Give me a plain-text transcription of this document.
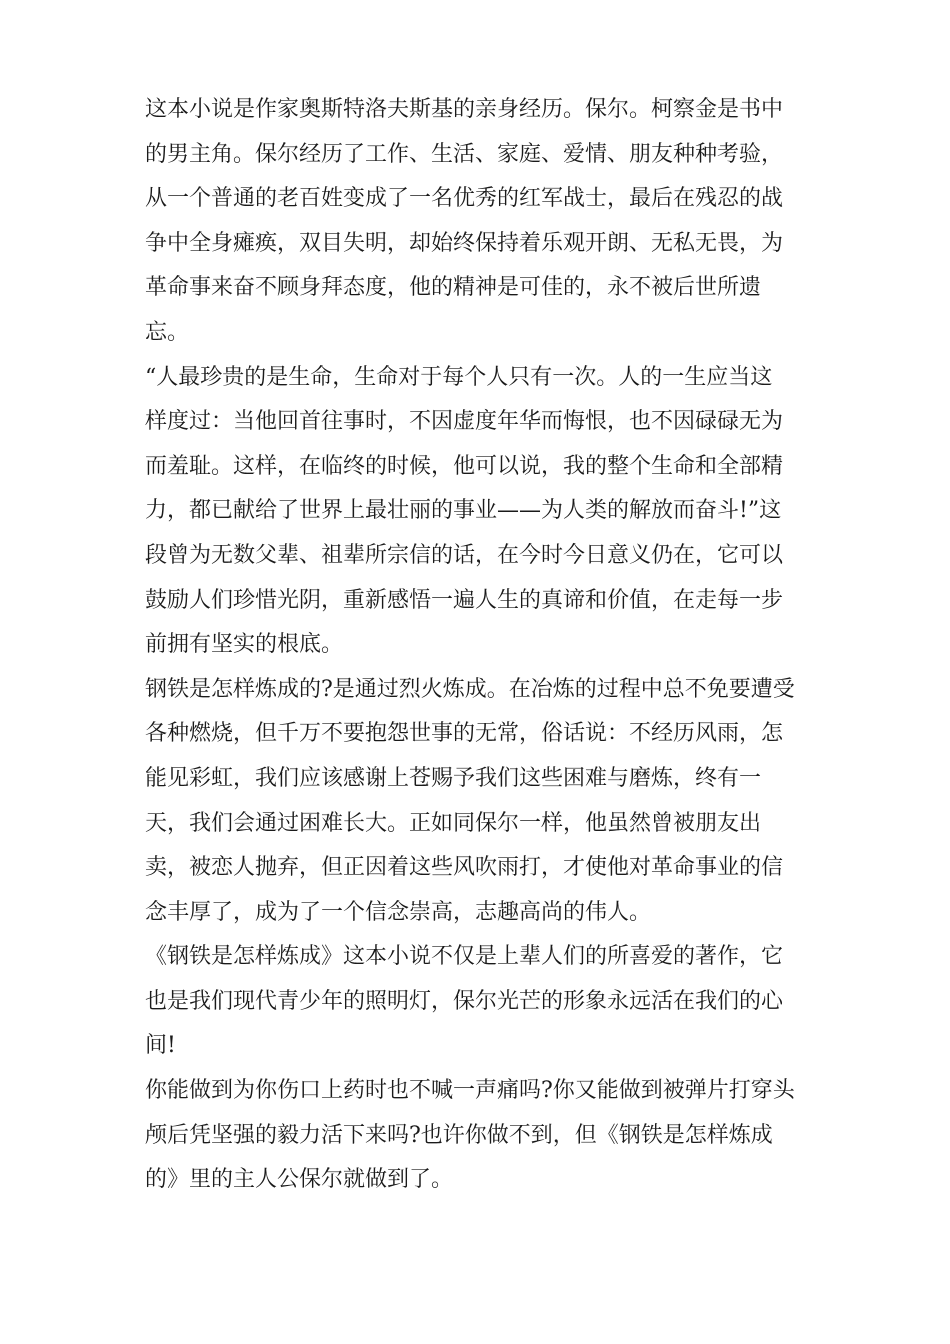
这本小说是作家奥斯特洛夫斯基的亲身经历。保尔。柯察金是书中
的男主角。保尔经历了工作、生活、家庭、爱情、朋友种种考验，
从一个普通的老百姓变成了一名优秀的红军战士，最后在残忍的战
争中全身瘫痪，双目失明，却始终保持着乐观开朗、无私无畏，为
革命事来奋不顾身拜态度，他的精神是可佳的，永不被后世所遗
忘。
“人最珍贵的是生命，生命对于每个人只有一次。人的一生应当这
样度过：当他回首往事时，不因虚度年华而悔恨，也不因碌碌无为
而羞耻。这样，在临终的时候，他可以说，我的整个生命和全部精
力，都已献给了世界上最壮丽的事业——为人类的解放而奋斗!”这
段曾为无数父辈、祖辈所宗信的话，在今时今日意义仍在，它可以
鼓励人们珍惜光阴，重新感悟一遍人生的真谛和价值，在走每一步
前拥有坚实的根底。
钢铁是怎样炼成的?是通过烈火炼成。在冶炼的过程中总不免要遭受
各种燃烧，但千万不要抱怨世事的无常，俗话说：不经历风雨，怎
能见彩虹，我们应该感谢上苍赐予我们这些困难与磨炼，终有一
天，我们会通过困难长大。正如同保尔一样，他虽然曾被朋友出
卖，被恋人抛弃，但正因着这些风吹雨打，才使他对革命事业的信
念丰厚了，成为了一个信念崇高，志趣高尚的伟人。
《钢铁是怎样炼成》这本小说不仅是上辈人们的所喜爱的著作，它
也是我们现代青少年的照明灯，保尔光芒的形象永远活在我们的心
间!
你能做到为你伤口上药时也不喊一声痛吗?你又能做到被弹片打穿头
颅后凭坚强的毅力活下来吗?也许你做不到，但《钢铁是怎样炼成
的》里的主人公保尔就做到了。
